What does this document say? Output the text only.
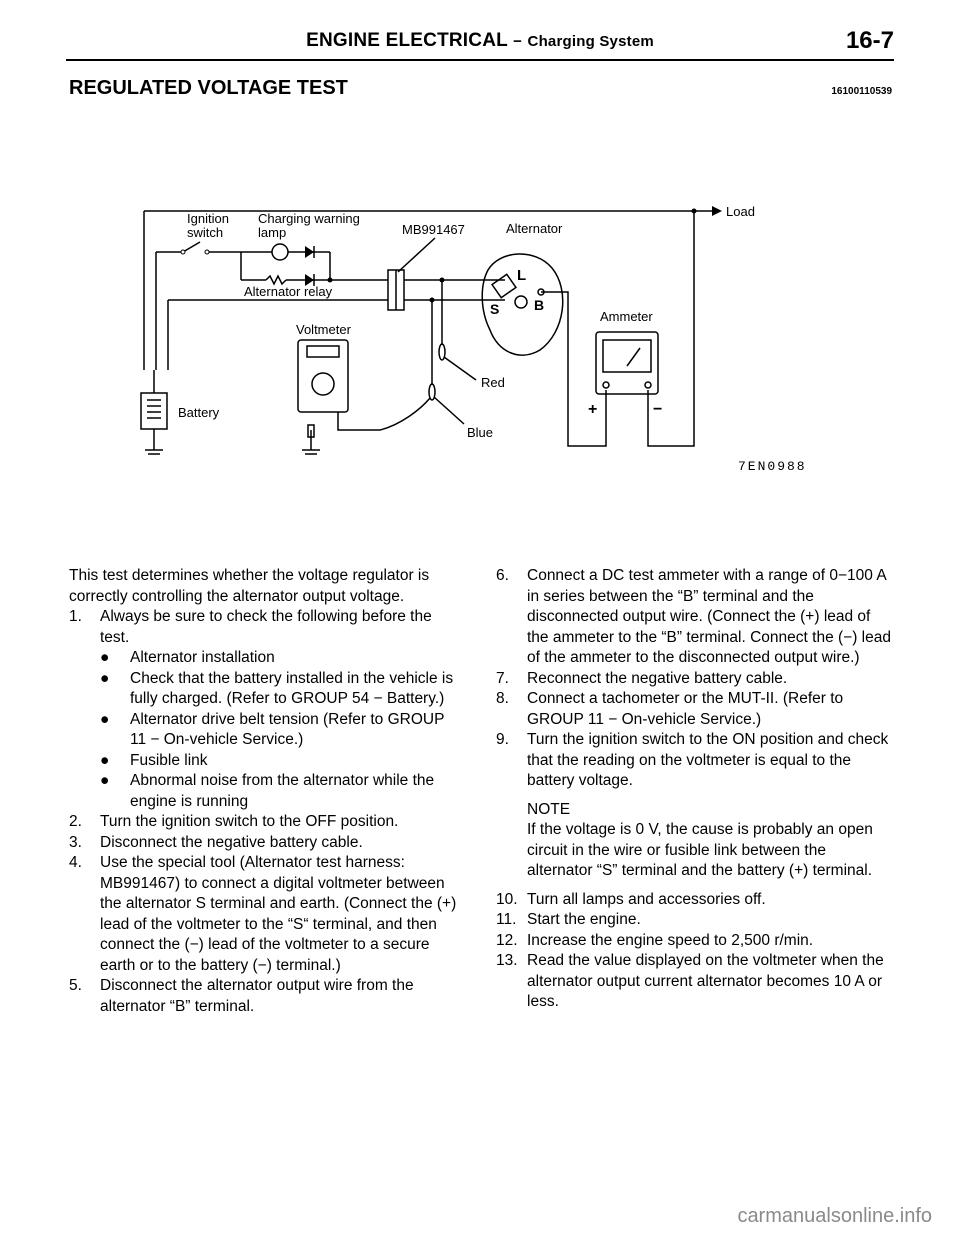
ENGINE ELECTRICAL − Charging System	16-7
REGULATED VOLTAGE TEST	16100110539
Load
Ignition
switch
Charging warning
lamp	MB991467	Alternator
Alternator relay
Voltmeter
Ammeter
Battery
Red
Blue
L
S B
+	−
7EN0988

This test determines whether the voltage regulator is correctly controlling the alternator output voltage.

1. Always be sure to check the following before the test.
● Alternator installation
● Check that the battery installed in the vehicle is fully charged. (Refer to GROUP 54 − Battery.)
● Alternator drive belt tension (Refer to GROUP 11 − On-vehicle Service.)
● Fusible link
● Abnormal noise from the alternator while the engine is running
2. Turn the ignition switch to the OFF position.
3. Disconnect the negative battery cable.
4. Use the special tool (Alternator test harness: MB991467) to connect a digital voltmeter between the alternator S terminal and earth. (Connect the (+) lead of the voltmeter to the “S“ terminal, and then connect the (−) lead of the voltmeter to a secure earth or to the battery (−) terminal.)
5. Disconnect the alternator output wire from the alternator “B” terminal.
6. Connect a DC test ammeter with a range of 0−100 A in series between the “B” terminal and the disconnected output wire. (Connect the (+) lead of the ammeter to the “B” terminal. Connect the (−) lead of the ammeter to the disconnected output wire.)
7. Reconnect the negative battery cable.
8. Connect a tachometer or the MUT-II. (Refer to GROUP 11 − On-vehicle Service.)
9. Turn the ignition switch to the ON position and check that the reading on the voltmeter is equal to the battery voltage.

NOTE

If the voltage is 0 V, the cause is probably an open circuit in the wire or fusible link between the alternator “S” terminal and the battery (+) terminal.

10. Turn all lamps and accessories off.
11. Start the engine.
12. Increase the engine speed to 2,500 r/min.
13. Read the value displayed on the voltmeter when the alternator output current alternator becomes 10 A or less.
carmanualsonline.info
